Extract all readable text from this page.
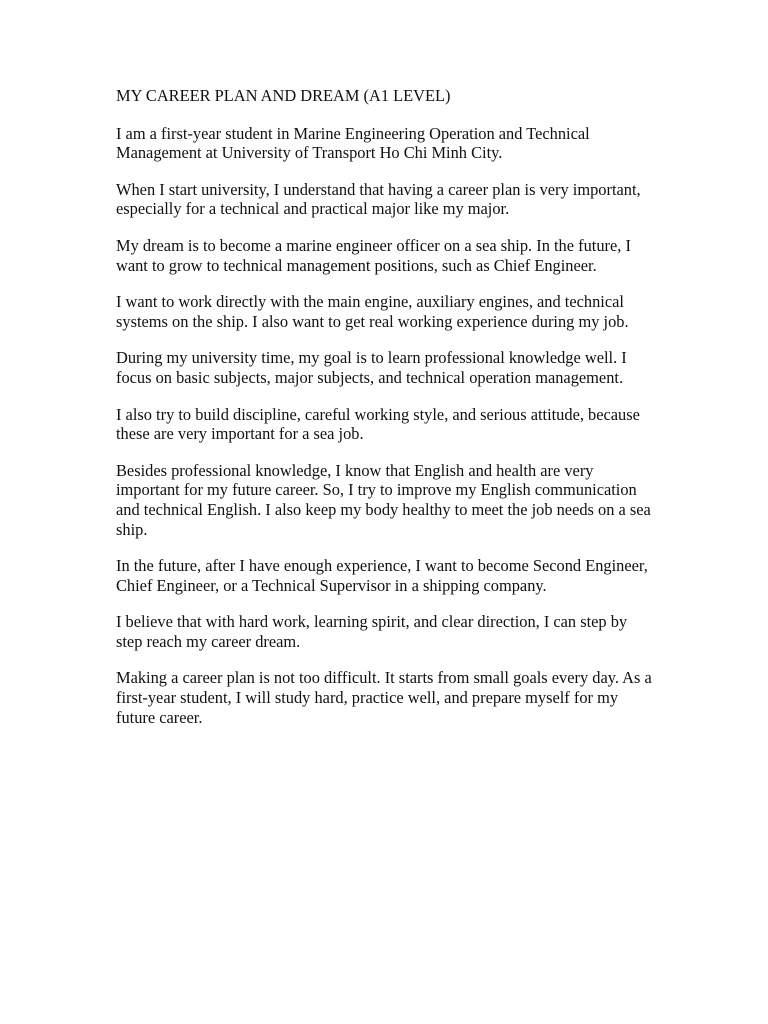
MY CAREER PLAN AND DREAM (A1 LEVEL)

I am a first-year student in Marine Engineering Operation and Technical Management at University of Transport Ho Chi Minh City.

When I start university, I understand that having a career plan is very important, especially for a technical and practical major like my major.

My dream is to become a marine engineer officer on a sea ship. In the future, I want to grow to technical management positions, such as Chief Engineer.

I want to work directly with the main engine, auxiliary engines, and technical systems on the ship. I also want to get real working experience during my job.

During my university time, my goal is to learn professional knowledge well. I focus on basic subjects, major subjects, and technical operation management.

I also try to build discipline, careful working style, and serious attitude, because these are very important for a sea job.

Besides professional knowledge, I know that English and health are very important for my future career. So, I try to improve my English communication and technical English. I also keep my body healthy to meet the job needs on a sea ship.

In the future, after I have enough experience, I want to become Second Engineer, Chief Engineer, or a Technical Supervisor in a shipping company.

I believe that with hard work, learning spirit, and clear direction, I can step by step reach my career dream.

Making a career plan is not too difficult. It starts from small goals every day. As a first-year student, I will study hard, practice well, and prepare myself for my future career.
